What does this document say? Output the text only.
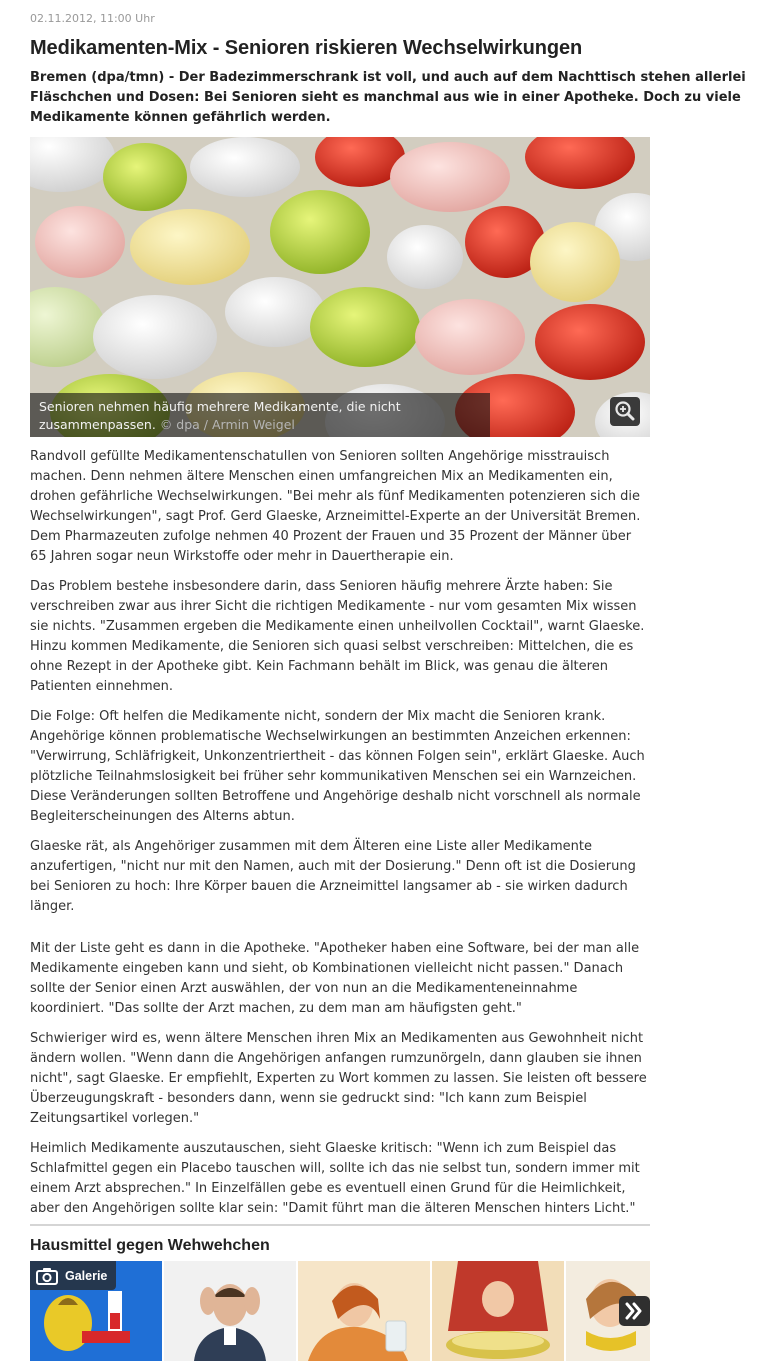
02.11.2012, 11:00 Uhr
Medikamenten-Mix - Senioren riskieren Wechselwirkungen

Bremen (dpa/tmn) - Der Badezimmerschrank ist voll, und auch auf dem Nachttisch stehen allerlei Fläschchen und Dosen: Bei Senioren sieht es manchmal aus wie in einer Apotheke. Doch zu viele Medikamente können gefährlich werden.

Senioren nehmen häufig mehrere Medikamente, die nicht zusammenpassen. © dpa / Armin Weigel

Randvoll gefüllte Medikamentenschatullen von Senioren sollten Angehörige misstrauisch machen. Denn nehmen ältere Menschen einen umfangreichen Mix an Medikamenten ein, drohen gefährliche Wechselwirkungen. "Bei mehr als fünf Medikamenten potenzieren sich die Wechselwirkungen", sagt Prof. Gerd Glaeske, Arzneimittel-Experte an der Universität Bremen. Dem Pharmazeuten zufolge nehmen 40 Prozent der Frauen und 35 Prozent der Männer über 65 Jahren sogar neun Wirkstoffe oder mehr in Dauertherapie ein.

Das Problem bestehe insbesondere darin, dass Senioren häufig mehrere Ärzte haben: Sie verschreiben zwar aus ihrer Sicht die richtigen Medikamente - nur vom gesamten Mix wissen sie nichts. "Zusammen ergeben die Medikamente einen unheilvollen Cocktail", warnt Glaeske. Hinzu kommen Medikamente, die Senioren sich quasi selbst verschreiben: Mittelchen, die es ohne Rezept in der Apotheke gibt. Kein Fachmann behält im Blick, was genau die älteren Patienten einnehmen.

Die Folge: Oft helfen die Medikamente nicht, sondern der Mix macht die Senioren krank. Angehörige können problematische Wechselwirkungen an bestimmten Anzeichen erkennen: "Verwirrung, Schläfrigkeit, Unkonzentriertheit - das können Folgen sein", erklärt Glaeske. Auch plötzliche Teilnahmslosigkeit bei früher sehr kommunikativen Menschen sei ein Warnzeichen. Diese Veränderungen sollten Betroffene und Angehörige deshalb nicht vorschnell als normale Begleiterscheinungen des Alterns abtun.

Glaeske rät, als Angehöriger zusammen mit dem Älteren eine Liste aller Medikamente anzufertigen, "nicht nur mit den Namen, auch mit der Dosierung." Denn oft ist die Dosierung bei Senioren zu hoch: Ihre Körper bauen die Arzneimittel langsamer ab - sie wirken dadurch länger.

Mit der Liste geht es dann in die Apotheke. "Apotheker haben eine Software, bei der man alle Medikamente eingeben kann und sieht, ob Kombinationen vielleicht nicht passen." Danach sollte der Senior einen Arzt auswählen, der von nun an die Medikamenteneinnahme koordiniert. "Das sollte der Arzt machen, zu dem man am häufigsten geht."

Schwieriger wird es, wenn ältere Menschen ihren Mix an Medikamenten aus Gewohnheit nicht ändern wollen. "Wenn dann die Angehörigen anfangen rumzunörgeln, dann glauben sie ihnen nicht", sagt Glaeske. Er empfiehlt, Experten zu Wort kommen zu lassen. Sie leisten oft bessere Überzeugungskraft - besonders dann, wenn sie gedruckt sind: "Ich kann zum Beispiel Zeitungsartikel vorlegen."

Heimlich Medikamente auszutauschen, sieht Glaeske kritisch: "Wenn ich zum Beispiel das Schlafmittel gegen ein Placebo tauschen will, sollte ich das nie selbst tun, sondern immer mit einem Arzt absprechen." In Einzelfällen gebe es eventuell einen Grund für die Heimlichkeit, aber den Angehörigen sollte klar sein: "Damit führt man die älteren Menschen hinters Licht."

Hausmittel gegen Wehwehchen
Galerie
